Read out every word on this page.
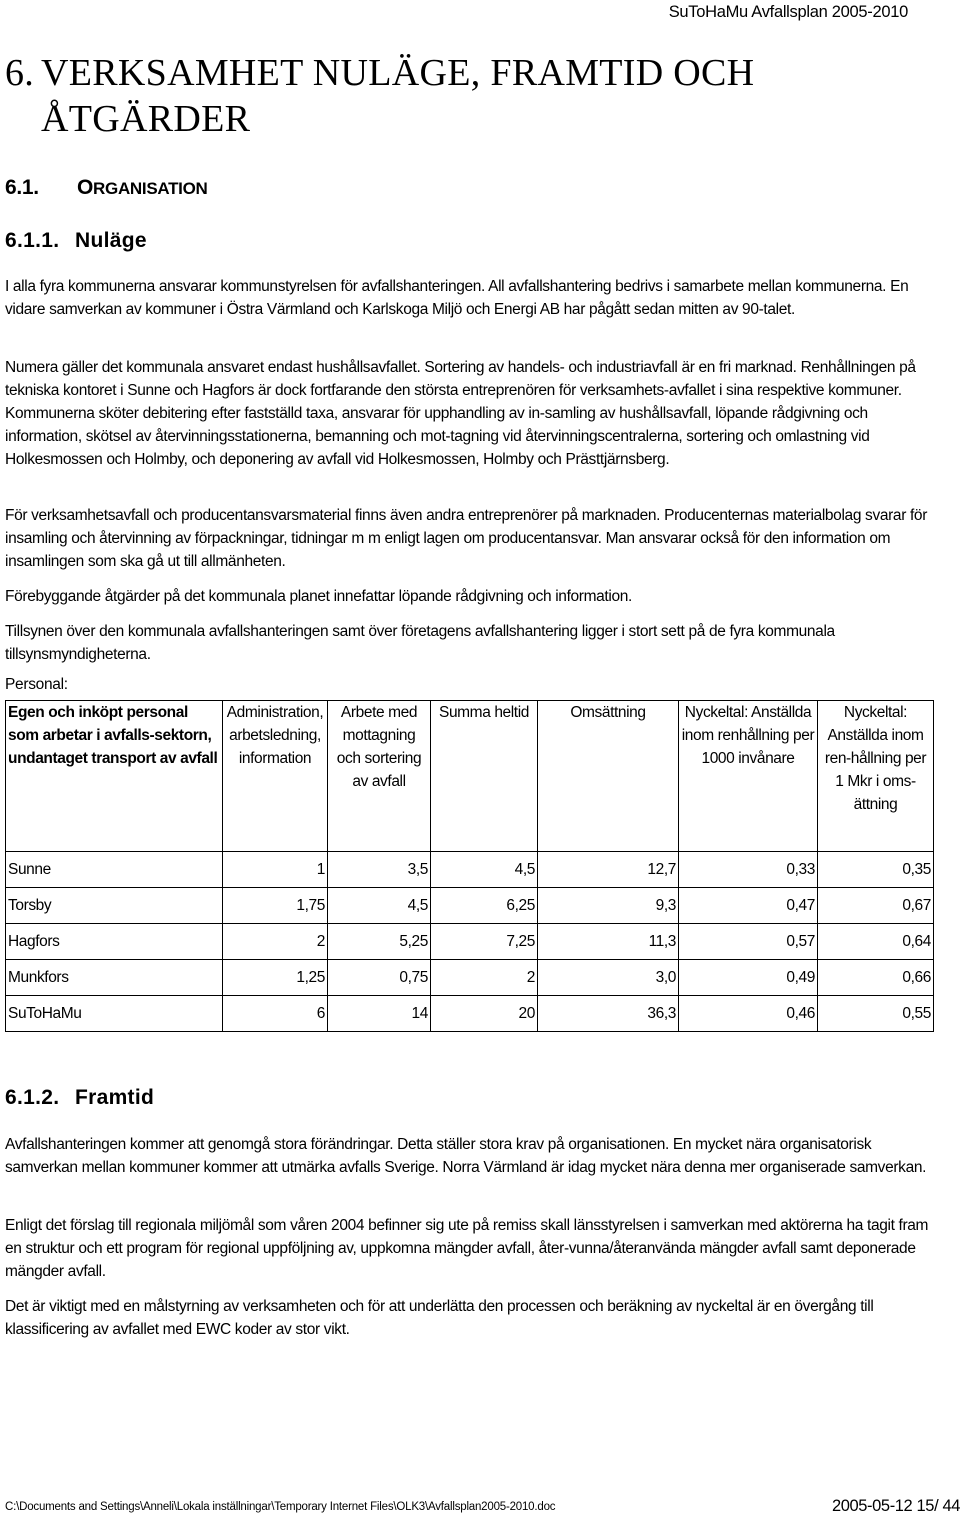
SuToHaMu Avfallsplan 2005-2010
6. VERKSAMHET NULÄGE, FRAMTID OCH
ÅTGÄRDER
6.1. ORGANISATION
6.1.1. Nuläge

I alla fyra kommunerna ansvarar kommunstyrelsen för avfallshanteringen. All avfallshantering bedrivs i samarbete mellan kommunerna. En vidare samverkan av kommuner i Östra Värmland och Karlskoga Miljö och Energi AB har pågått sedan mitten av 90-talet.

Numera gäller det kommunala ansvaret endast hushållsavfallet. Sortering av handels- och industriavfall är en fri marknad. Renhållningen på tekniska kontoret i Sunne och Hagfors är dock fortfarande den största entreprenören för verksamhets-avfallet i sina respektive kommuner. Kommunerna sköter debitering efter fastställd taxa, ansvarar för upphandling av in-samling av hushållsavfall, löpande rådgivning och information, skötsel av återvinningsstationerna, bemanning och mot-tagning vid återvinningscentralerna, sortering och omlastning vid Holkesmossen och Holmby, och deponering av avfall vid Holkesmossen, Holmby och Prästtjärnsberg.

För verksamhetsavfall och producentansvarsmaterial finns även andra entreprenörer på marknaden. Producenternas materialbolag svarar för insamling och återvinning av förpackningar, tidningar m m enligt lagen om producentansvar. Man ansvarar också för den information om insamlingen som ska gå ut till allmänheten.

Förebyggande åtgärder på det kommunala planet innefattar löpande rådgivning och information.

Tillsynen över den kommunala avfallshanteringen samt över företagens avfallshantering ligger i stort sett på de fyra kommunala tillsynsmyndigheterna.

Personal:
Egen och inköpt personal som arbetar i avfalls-sektorn, undantaget transport av avfall	Administration, arbetsledning, information	Arbete med mottagning och sortering av avfall	Summa heltid	Omsättning	Nyckeltal: Anställda inom renhållning per 1000 invånare	Nyckeltal: Anställda inom ren-hållning per 1 Mkr i oms-ättning
Sunne	1	3,5	4,5	12,7	0,33	0,35
Torsby	1,75	4,5	6,25	9,3	0,47	0,67
Hagfors	2	5,25	7,25	11,3	0,57	0,64
Munkfors	1,25	0,75	2	3,0	0,49	0,66
SuToHaMu	6	14	20	36,3	0,46	0,55
6.1.2. Framtid

Avfallshanteringen kommer att genomgå stora förändringar. Detta ställer stora krav på organisationen. En mycket nära organisatorisk samverkan mellan kommuner kommer att utmärka avfalls Sverige. Norra Värmland är idag mycket nära denna mer organiserade samverkan.

Enligt det förslag till regionala miljömål som våren 2004 befinner sig ute på remiss skall länsstyrelsen i samverkan med aktörerna ha tagit fram en struktur och ett program för regional uppföljning av, uppkomna mängder avfall, åter-vunna/återanvända mängder avfall samt deponerade mängder avfall.

Det är viktigt med en målstyrning av verksamheten och för att underlätta den processen och beräkning av nyckeltal är en övergång till klassificering av avfallet med EWC koder av stor vikt.

C:\Documents and Settings\Anneli\Lokala inställningar\Temporary Internet Files\OLK3\Avfallsplan2005-2010.doc	2005-05-12 15/ 44
